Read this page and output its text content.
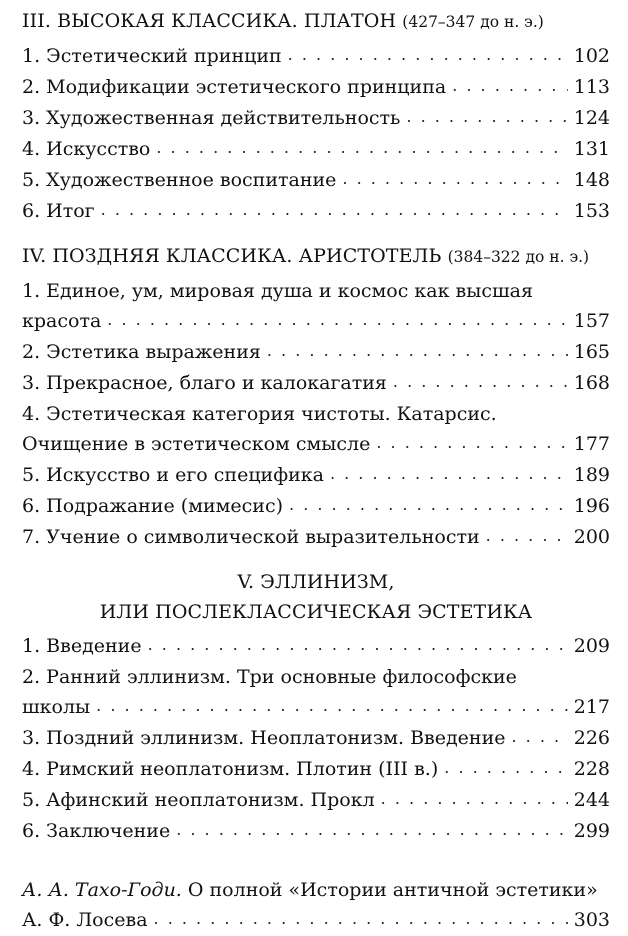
III. ВЫСОКАЯ КЛАССИКА. ПЛАТОН (427–347 до н. э.)
1. Эстетический принцип . . .	102
2. Модификации эстетического принципа . . .	113
3. Художественная действительность . . .	124
4. Искусство . . .	131
5. Художественное воспитание . . .	148
6. Итог . . .	153
IV. ПОЗДНЯЯ КЛАССИКА. АРИСТОТЕЛЬ (384–322 до н. э.)
1. Единое, ум, мировая душа и космос как высшая
красота . . .	157
2. Эстетика выражения . . .	165
3. Прекрасное, благо и калокагатия . . .	168
4. Эстетическая категория чистоты. Катарсис.
Очищение в эстетическом смысле . . .	177
5. Искусство и его специфика . . .	189
6. Подражание (мимесис) . . .	196
7. Учение о символической выразительности . . .	200
V. ЭЛЛИНИЗМ,
ИЛИ ПОСЛЕКЛАССИЧЕСКАЯ ЭСТЕТИКА
1. Введение . . .	209
2. Ранний эллинизм. Три основные философские
школы . . .	217
3. Поздний эллинизм. Неоплатонизм. Введение . . .	226
4. Римский неоплатонизм. Плотин (III в.) . . .	228
5. Афинский неоплатонизм. Прокл . . .	244
6. Заключение . . .	299
А. А. Тахо-Годи. О полной «Истории античной эстетики»
А. Ф. Лосева . . .	303
